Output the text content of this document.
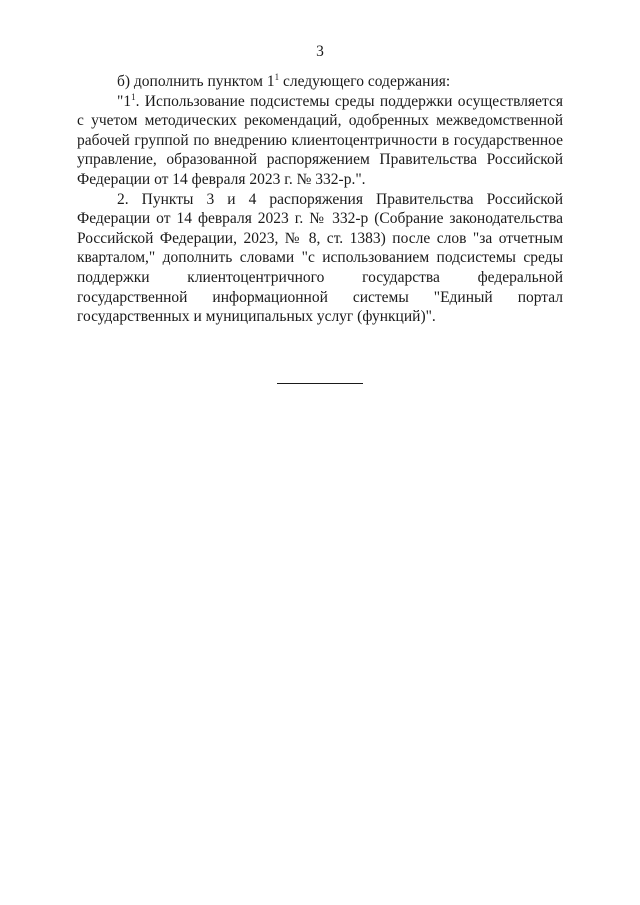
3

б) дополнить пунктом $1^1$ следующего содержания:

"$1^1$. Использование подсистемы среды поддержки осуществляется с учетом методических рекомендаций, одобренных межведомственной рабочей группой по внедрению клиентоцентричности в государственное управление, образованной распоряжением Правительства Российской Федерации от 14 февраля 2023 г. № 332-р.".

2. Пункты 3 и 4 распоряжения Правительства Российской Федерации от 14 февраля 2023 г. № 332-р (Собрание законодательства Российской Федерации, 2023, № 8, ст. 1383) после слов "за отчетным кварталом," дополнить словами "с использованием подсистемы среды поддержки клиентоцентричного государства федеральной государственной информационной системы "Единый портал государственных и муниципальных услуг (функций)".
